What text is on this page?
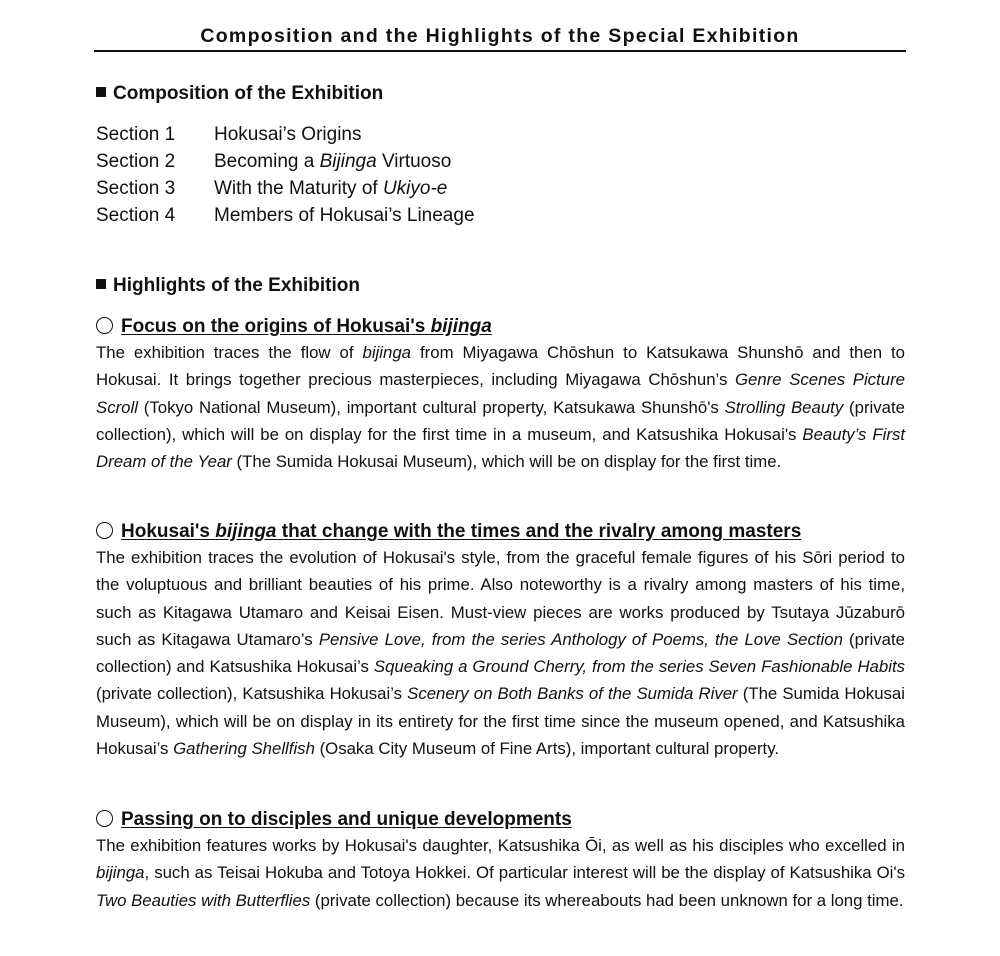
Composition and the Highlights of the Special Exhibition
Composition of the Exhibition
Section 1	Hokusai’s Origins
Section 2	Becoming a Bijinga Virtuoso
Section 3	With the Maturity of Ukiyo-e
Section 4	Members of Hokusai’s Lineage
Highlights of the Exhibition
Focus on the origins of Hokusai's bijinga
The exhibition traces the flow of bijinga from Miyagawa Chōshun to Katsukawa Shunshō and then to Hokusai. It brings together precious masterpieces, including Miyagawa Chōshun’s Genre Scenes Picture Scroll (Tokyo National Museum), important cultural property, Katsukawa Shunshō's Strolling Beauty (private collection), which will be on display for the first time in a museum, and Katsushika Hokusai's Beauty’s First Dream of the Year (The Sumida Hokusai Museum), which will be on display for the first time.
Hokusai's bijinga that change with the times and the rivalry among masters
The exhibition traces the evolution of Hokusai's style, from the graceful female figures of his Sōri period to the voluptuous and brilliant beauties of his prime. Also noteworthy is a rivalry among masters of his time, such as Kitagawa Utamaro and Keisai Eisen. Must-view pieces are works produced by Tsutaya Jūzaburō such as Kitagawa Utamaro’s Pensive Love, from the series Anthology of Poems, the Love Section (private collection) and Katsushika Hokusai’s Squeaking a Ground Cherry, from the series Seven Fashionable Habits (private collection), Katsushika Hokusai’s Scenery on Both Banks of the Sumida River (The Sumida Hokusai Museum), which will be on display in its entirety for the first time since the museum opened, and Katsushika Hokusai’s Gathering Shellfish (Osaka City Museum of Fine Arts), important cultural property.
Passing on to disciples and unique developments
The exhibition features works by Hokusai's daughter, Katsushika Ōi, as well as his disciples who excelled in bijinga, such as Teisai Hokuba and Totoya Hokkei. Of particular interest will be the display of Katsushika Oi's Two Beauties with Butterflies (private collection) because its whereabouts had been unknown for a long time.
